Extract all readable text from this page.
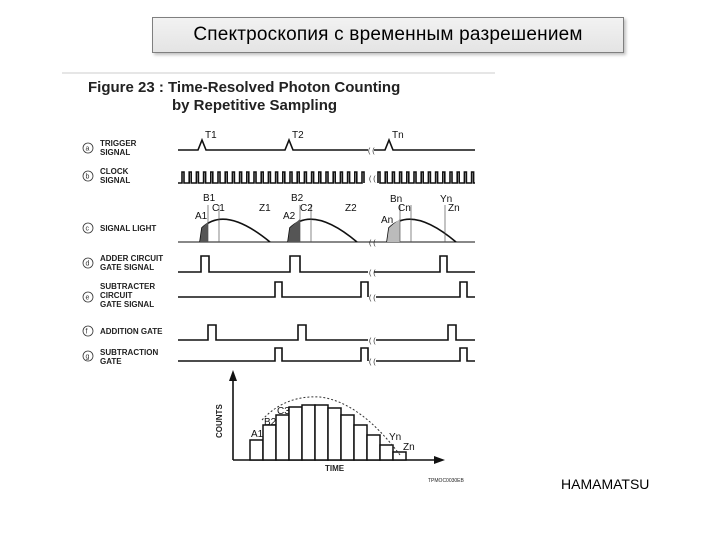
Спектроскопия с временным разрешением
Figure 23 : Time-Resolved Photon Counting
by Repetitive Sampling
a
TRIGGER
SIGNAL
b
CLOCK
SIGNAL
c SIGNAL LIGHT
d
ADDER CIRCUIT
GATE SIGNAL
e
SUBTRACTER
CIRCUIT
GATE SIGNAL
f ADDITION GATE
g SUBTRACTION
GATE
T1	T2	Tn
( (
A1
B1
C1	Z1
A2
B2
C2	Z2
An
Bn
Cn
Yn
Zn
( (
( (
( (
( (
( (
( (
COUNTS
TIME
A1
B2
C3
Yn
Zn
TPMOC0030EB	HAMAMATSU
